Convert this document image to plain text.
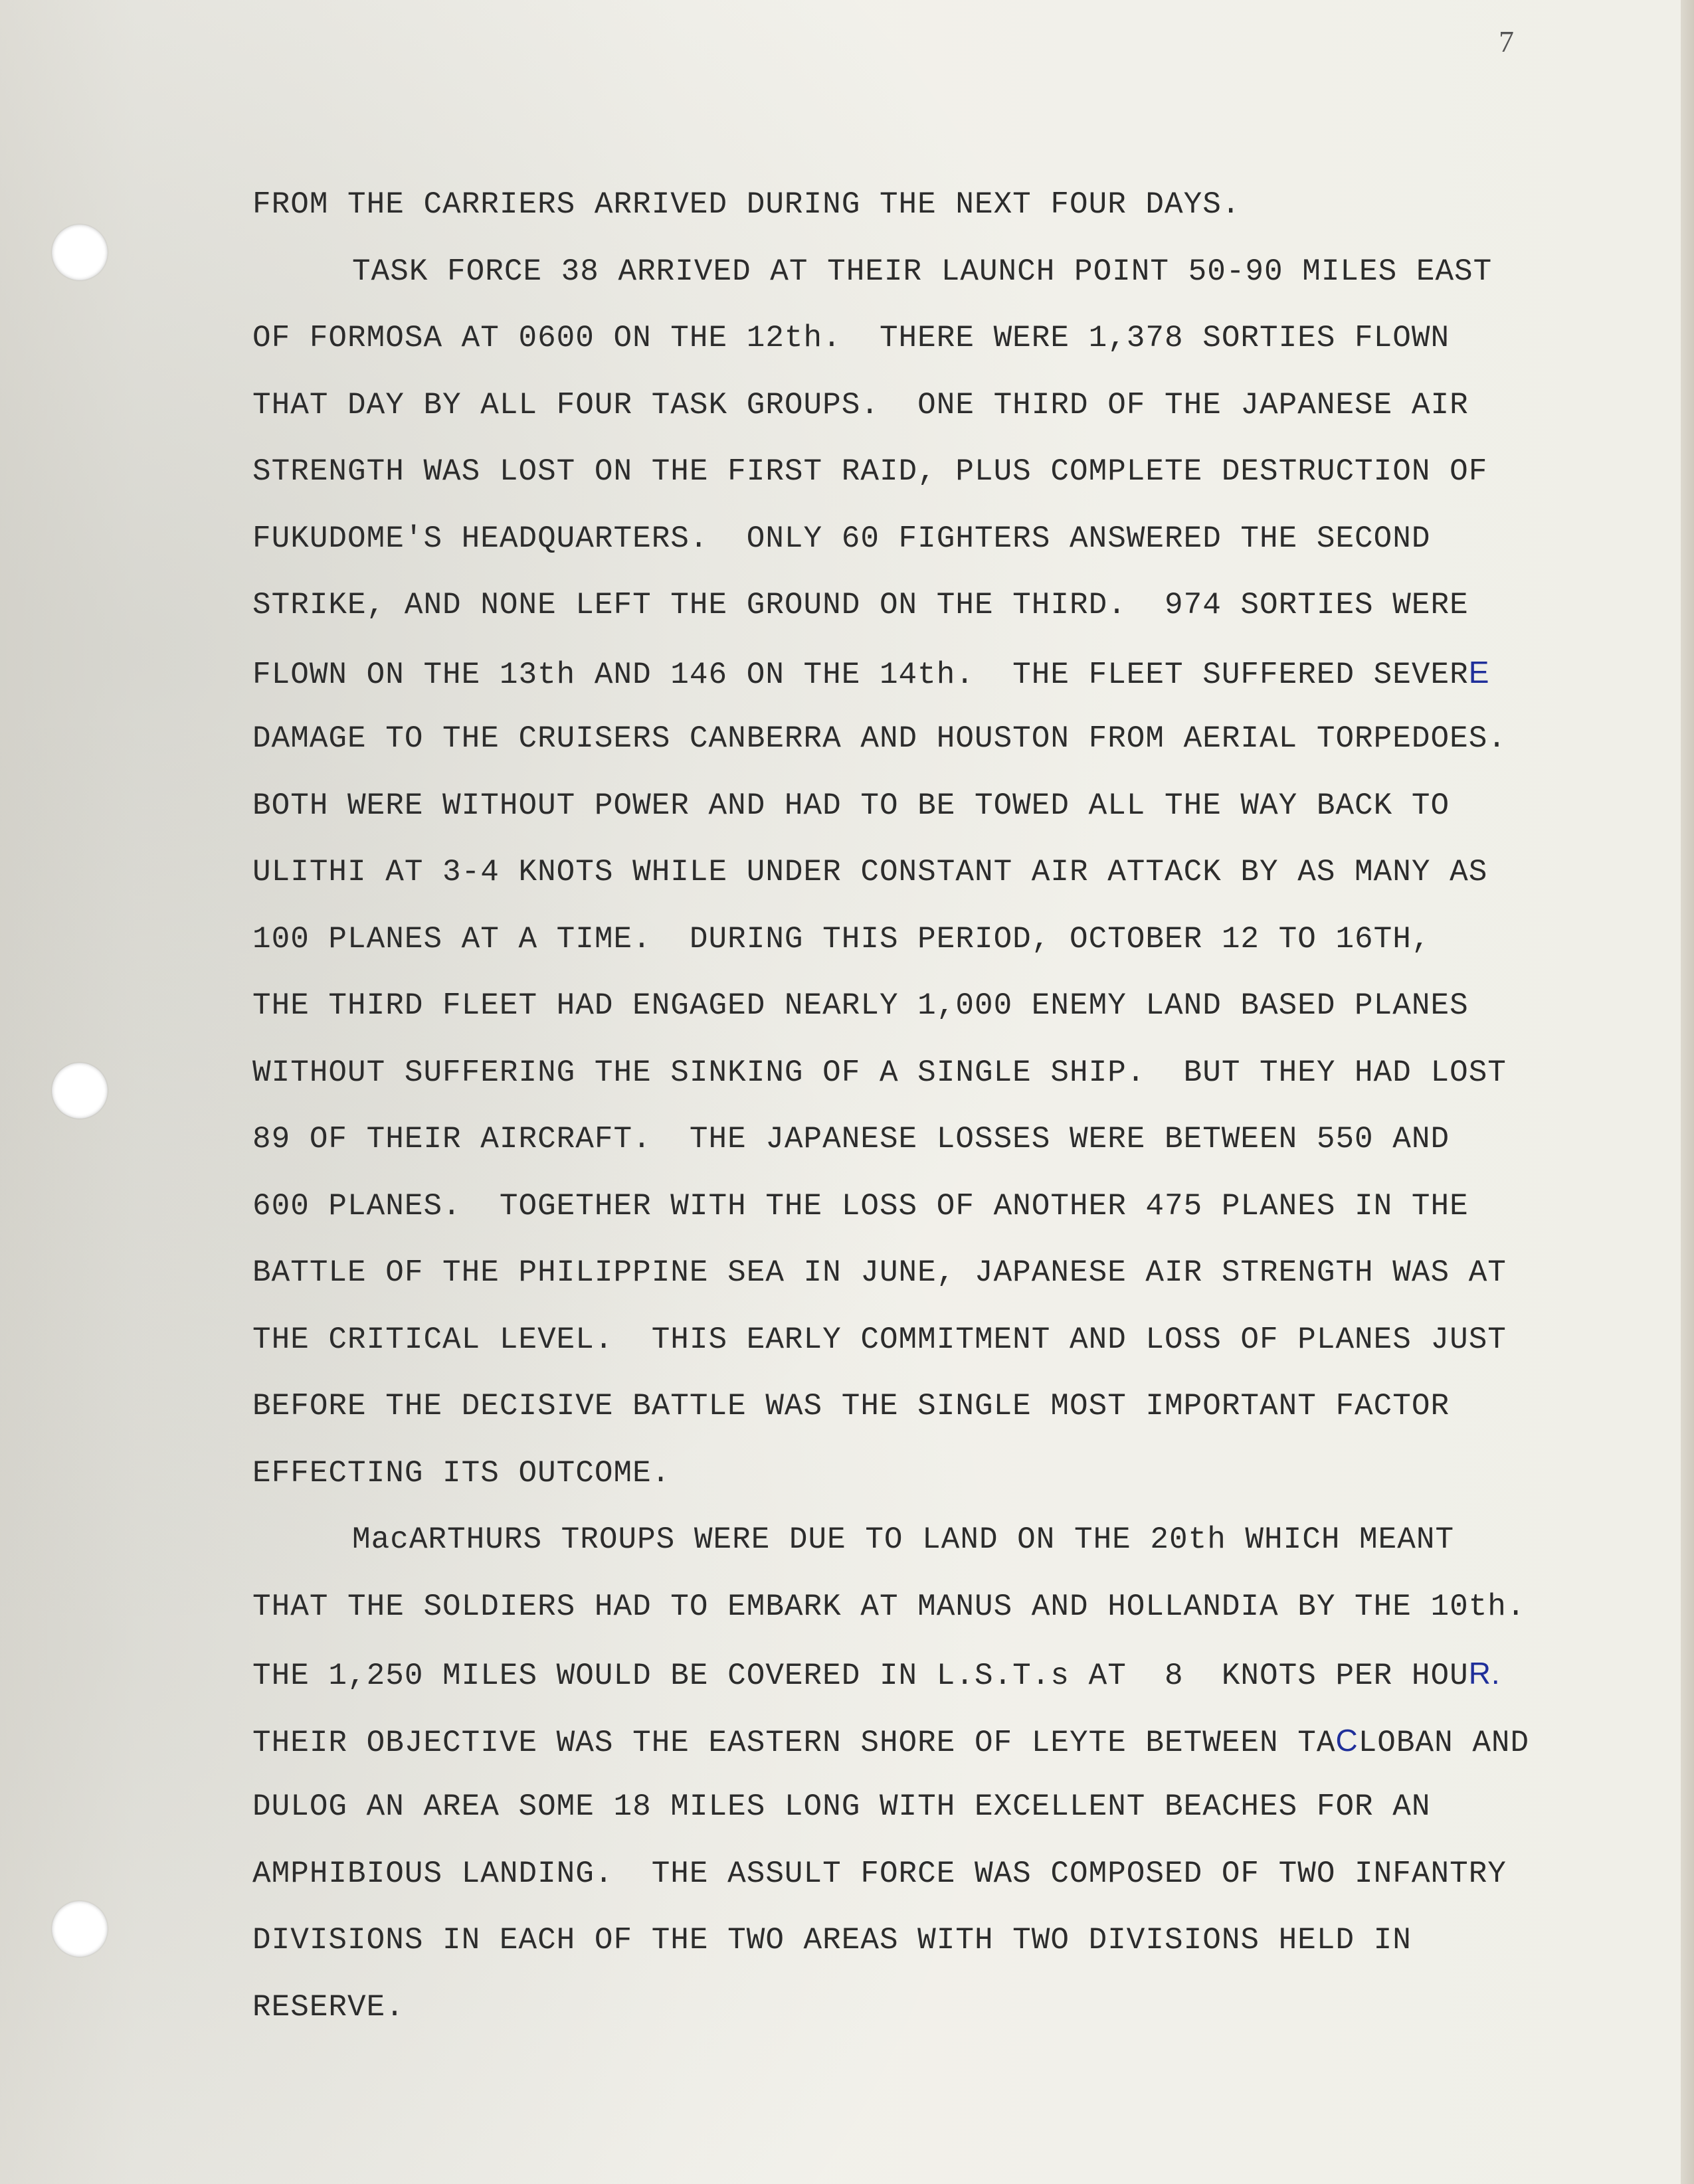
7
FROM THE CARRIERS ARRIVED DURING THE NEXT FOUR DAYS.
TASK FORCE 38 ARRIVED AT THEIR LAUNCH POINT 50-90 MILES EAST
OF FORMOSA AT 0600 ON THE 12th.  THERE WERE 1,378 SORTIES FLOWN
THAT DAY BY ALL FOUR TASK GROUPS.  ONE THIRD OF THE JAPANESE AIR
STRENGTH WAS LOST ON THE FIRST RAID, PLUS COMPLETE DESTRUCTION OF
FUKUDOME'S HEADQUARTERS.  ONLY 60 FIGHTERS ANSWERED THE SECOND
STRIKE, AND NONE LEFT THE GROUND ON THE THIRD.  974 SORTIES WERE
FLOWN ON THE 13th AND 146 ON THE 14th.  THE FLEET SUFFERED SEVERE
DAMAGE TO THE CRUISERS CANBERRA AND HOUSTON FROM AERIAL TORPEDOES.
BOTH WERE WITHOUT POWER AND HAD TO BE TOWED ALL THE WAY BACK TO
ULITHI AT 3-4 KNOTS WHILE UNDER CONSTANT AIR ATTACK BY AS MANY AS
100 PLANES AT A TIME.  DURING THIS PERIOD, OCTOBER 12 TO 16TH,
THE THIRD FLEET HAD ENGAGED NEARLY 1,000 ENEMY LAND BASED PLANES
WITHOUT SUFFERING THE SINKING OF A SINGLE SHIP.  BUT THEY HAD LOST
89 OF THEIR AIRCRAFT.  THE JAPANESE LOSSES WERE BETWEEN 550 AND
600 PLANES.  TOGETHER WITH THE LOSS OF ANOTHER 475 PLANES IN THE
BATTLE OF THE PHILIPPINE SEA IN JUNE, JAPANESE AIR STRENGTH WAS AT
THE CRITICAL LEVEL.  THIS EARLY COMMITMENT AND LOSS OF PLANES JUST
BEFORE THE DECISIVE BATTLE WAS THE SINGLE MOST IMPORTANT FACTOR
EFFECTING ITS OUTCOME.
MacARTHURS TROUPS WERE DUE TO LAND ON THE 20th WHICH MEANT
THAT THE SOLDIERS HAD TO EMBARK AT MANUS AND HOLLANDIA BY THE 10th.
THE 1,250 MILES WOULD BE COVERED IN L.S.T.s AT  8  KNOTS PER HOUR.
THEIR OBJECTIVE WAS THE EASTERN SHORE OF LEYTE BETWEEN TACLOBAN AND
DULOG AN AREA SOME 18 MILES LONG WITH EXCELLENT BEACHES FOR AN
AMPHIBIOUS LANDING.  THE ASSULT FORCE WAS COMPOSED OF TWO INFANTRY
DIVISIONS IN EACH OF THE TWO AREAS WITH TWO DIVISIONS HELD IN
RESERVE.
